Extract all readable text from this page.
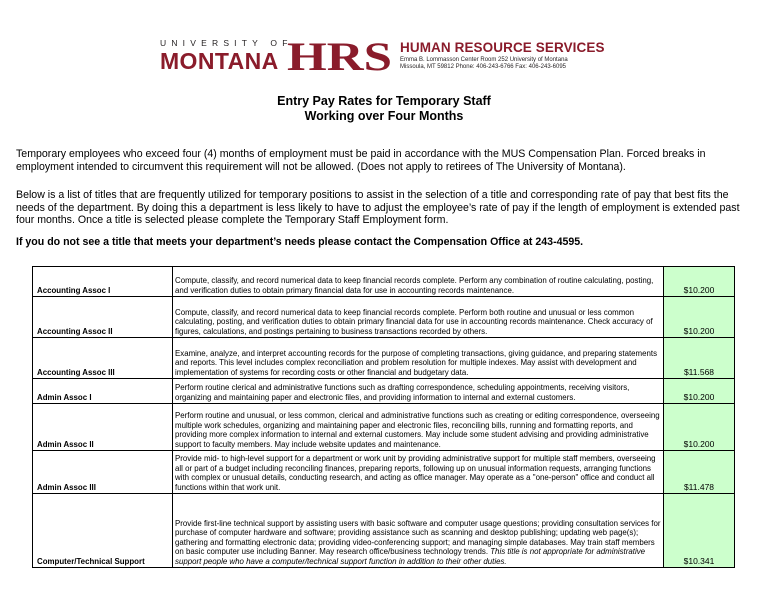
UNIVERSITY OF
MONTANA HRS HUMAN RESOURCE SERVICES
Emma B. Lommasson Center Room 252 University of Montana
Missoula, MT 59812 Phone: 406-243-6766 Fax: 406-243-6095
Entry Pay Rates for Temporary Staff
Working over Four Months
Temporary employees who exceed four (4) months of employment must be paid in accordance with the MUS Compensation Plan. Forced breaks in employment intended to circumvent this requirement will not be allowed. (Does not apply to retirees of The University of Montana).
Below is a list of titles that are frequently utilized for temporary positions to assist in the selection of a title and corresponding rate of pay that best fits the needs of the department. By doing this a department is less likely to have to adjust the employee’s rate of pay if the length of employment is extended past four months. Once a title is selected please complete the Temporary Staff Employment form.
If you do not see a title that meets your department’s needs please contact the Compensation Office at 243-4595.
Accounting Assoc I	Compute, classify, and record numerical data to keep financial records complete. Perform any combination of routine calculating, posting, and verification duties to obtain primary financial data for use in accounting records maintenance.	$10.200
Accounting Assoc II	Compute, classify, and record numerical data to keep financial records complete. Perform both routine and unusual or less common calculating, posting, and verification duties to obtain primary financial data for use in accounting records maintenance. Check accuracy of figures, calculations, and postings pertaining to business transactions recorded by others.	$10.200
Accounting Assoc III	Examine, analyze, and interpret accounting records for the purpose of completing transactions, giving guidance, and preparing statements and reports. This level includes complex reconciliation and problem resolution for multiple indexes. May assist with development and implementation of systems for recording costs or other financial and budgetary data.	$11.568
Admin Assoc I	Perform routine clerical and administrative functions such as drafting correspondence, scheduling appointments, receiving visitors, organizing and maintaining paper and electronic files, and providing information to internal and external customers.	$10.200
Admin Assoc II	Perform routine and unusual, or less common, clerical and administrative functions such as creating or editing correspondence, overseeing multiple work schedules, organizing and maintaining paper and electronic files, reconciling bills, running and formatting reports, and providing more complex information to internal and external customers. May include some student advising and providing administrative support to faculty members. May include website updates and maintenance.	$10.200
Admin Assoc III	Provide mid- to high-level support for a department or work unit by providing administrative support for multiple staff members, overseeing all or part of a budget including reconciling finances, preparing reports, following up on unusual information requests, arranging functions with complex or unusual details, conducting research, and acting as office manager. May operate as a "one-person" office and conduct all functions within that work unit.	$11.478
Computer/Technical Support	Provide first-line technical support by assisting users with basic software and computer usage questions; providing consultation services for purchase of computer hardware and software; providing assistance such as scanning and desktop publishing; updating web page(s); gathering and formatting electronic data; providing video-conferencing support; and managing simple databases. May train staff members on basic computer use including Banner. May research office/business technology trends. This title is not appropriate for administrative support people who have a computer/technical support function in addition to their other duties.	$10.341
